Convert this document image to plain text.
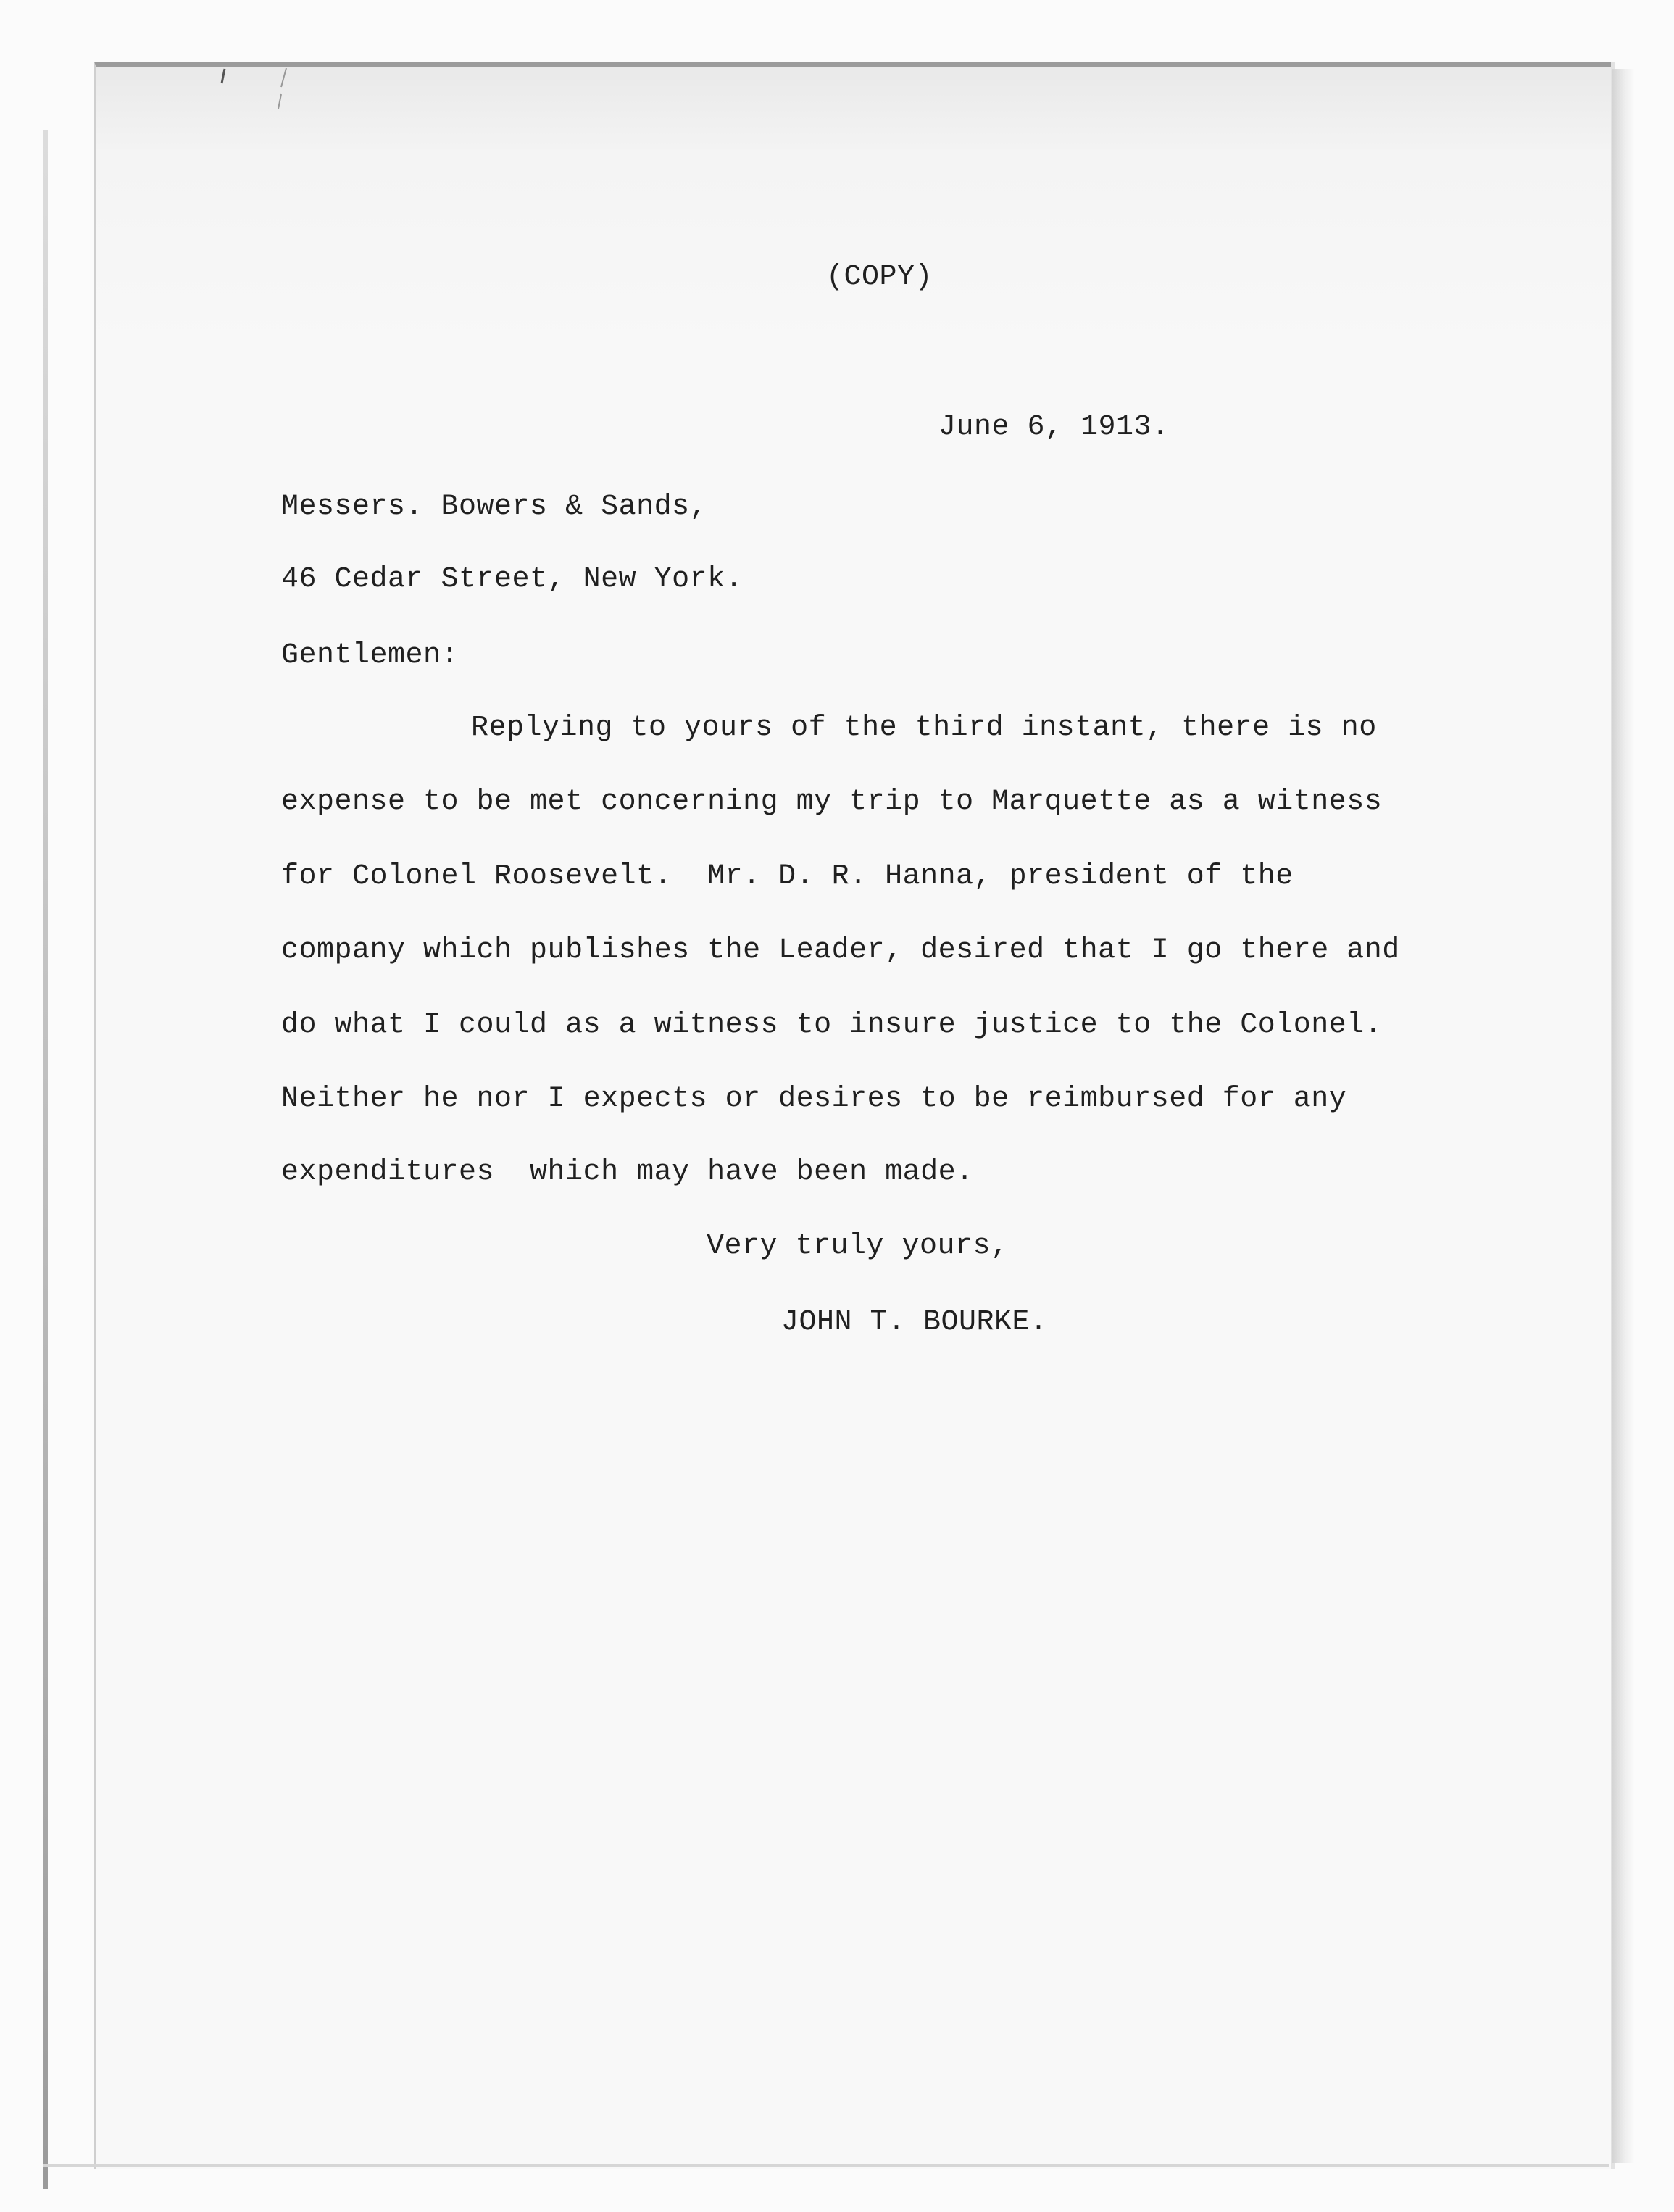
(COPY)
June 6, 1913.
Messers. Bowers & Sands,
46 Cedar Street, New York.
Gentlemen:
Replying to yours of the third instant, there is no
expense to be met concerning my trip to Marquette as a witness
for Colonel Roosevelt.  Mr. D. R. Hanna, president of the
company which publishes the Leader, desired that I go there and
do what I could as a witness to insure justice to the Colonel.
Neither he nor I expects or desires to be reimbursed for any
expenditures  which may have been made.
Very truly yours,
JOHN T. BOURKE.
